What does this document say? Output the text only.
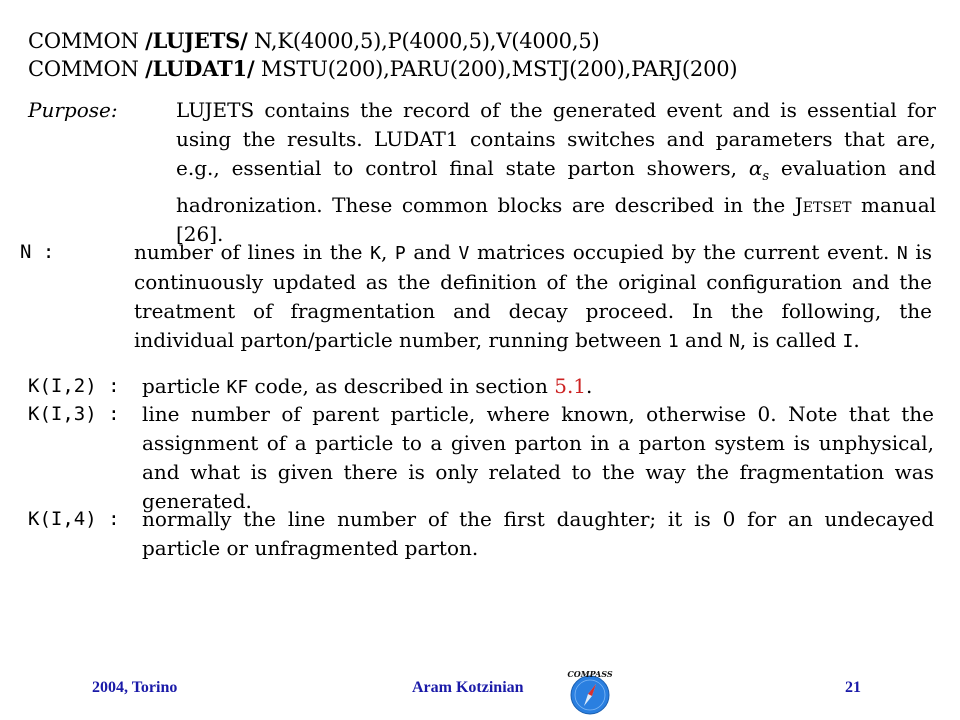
COMMON /LUJETS/ N,K(4000,5),P(4000,5),V(4000,5)
COMMON /LUDAT1/ MSTU(200),PARU(200),MSTJ(200),PARJ(200)
Purpose:	LUJETS contains the record of the generated event and is essential for using the results. LUDAT1 contains switches and parameters that are, e.g., essential to control final state parton showers, $\alpha_s$ evaluation and hadronization. These common blocks are described in the Jetset manual [26].
N :	number of lines in the K, P and V matrices occupied by the current event. N is continuously updated as the definition of the original configuration and the treatment of fragmentation and decay proceed. In the following, the individual parton/particle number, running between 1 and N, is called I.
K(I,2) : particle KF code, as described in section 5.1.
K(I,3) : line number of parent particle, where known, otherwise 0. Note that the assignment of a particle to a given parton in a parton system is unphysical, and what is given there is only related to the way the fragmentation was generated.
K(I,4) : normally the line number of the first daughter; it is 0 for an undecayed particle or unfragmented parton.
2004, Torino	Aram Kotzinian
COMPASS
21
